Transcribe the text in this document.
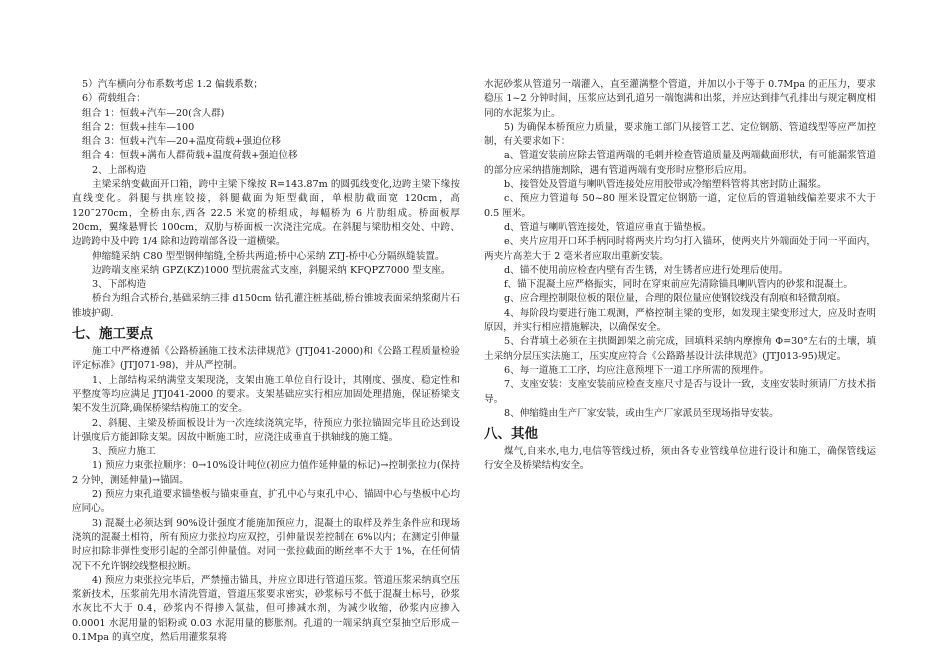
5）汽车横向分布系数考虑 1.2 偏载系数；
6）荷载组合：
组合 1：恒载+汽车—20(含人群)
组合 2：恒载+挂车—100
组合 3：恒载+汽车—20+温度荷载+强迫位移
组合 4：恒载+满布人群荷载+温度荷载+强迫位移
2、上部构造
主梁采纳变截面开口箱，跨中主梁下缘按 R=143.87m 的圆弧线变化,边跨主梁下缘按直线变化。斜腿与拱座铰接，斜腿截面为矩型截面，单根肋截面宽 120cm，高 120˜270cm，全桥由东,西各 22.5 米宽的桥组成，每幅桥为 6 片肋组成。桥面板厚 20cm，翼缘悬臂长 100cm，双肋与桥面板一次浇注完成。在斜腿与梁肋相交处、中跨、边跨跨中及中跨 1/4 除和边跨端部各设一道横梁。
伸缩缝采纳 C80 型型钢伸缩缝,全桥共两道;桥中心采纳 ZTJ-桥中心分隔纵缝装置。
边跨端支座采纳 GPZ(KZ)1000 型抗震盆式支座，斜腿采纳 KFQPZ7000 型支座。
3、下部构造
桥台为组合式桥台,基础采纳三排 d150cm 钻孔灌注桩基础,桥台锥坡表面采纳浆砌片石锥坡护砌.
七、施工要点
施工中严格遵循《公路桥涵施工技术法律规范》(JTJ041-2000)和《公路工程质量检验评定标准》(JTJ071-98)，并从严控制。
1、上部结构采纳满堂支架现浇，支架由施工单位自行设计，其刚度、强度、稳定性和平整度等均应满足 JTJ041-2000 的要求。支架基础应实行相应加固处理措施，保证桥梁支架不发生沉降,确保桥梁结构施工的安全。
2、斜腿、主梁及桥面板设计为一次连续浇筑完毕，待预应力张拉锚固完毕且砼达到设计强度后方能卸除支架。因故中断施工时，应浇注成垂直于拱轴线的施工缝。
3、预应力施工
1) 预应力束张拉顺序：0→10%设计吨位(初应力值作延伸量的标记)→控制张拉力(保持 2 分钟，测延伸量)→锚固。
2) 预应力束孔道要求锚垫板与锚束垂直，扩孔中心与束孔中心、锚固中心与垫板中心均应同心。
3) 混凝土必须达到 90%设计强度才能施加预应力，混凝土的取样及养生条件应和现场浇筑的混凝土相符，所有预应力张拉均应双控，引伸量误差控制在 6%以内；在测定引伸量时应扣除非弹性变形引起的全部引伸量值。对同一张拉截面的断丝率不大于 1%，在任何情况下不允许钢绞线整根拉断。
4) 预应力束张拉完毕后，严禁撞击锚具，并应立即进行管道压浆。管道压浆采纳真空压浆新技术，压浆前先用水清洗管道，管道压浆要求密实，砂浆标号不低于混凝土标号，砂浆水灰比不大于 0.4，砂浆内不得掺入氯盐，但可掺减水剂，为减少收缩，砂浆内应掺入 0.0001 水泥用量的铝粉或 0.03 水泥用量的膨胀剂。孔道的一端采纳真空泵抽空后形成－0.1Mpa 的真空度，然后用灌浆泵将
水泥砂浆从管道另一端灌入，直至灌满整个管道，并加以小于等于 0.7Mpa 的正压力，要求稳压 1~2 分钟时间，压浆应达到孔道另一端饱满和出浆，并应达到排气孔排出与规定稠度相同的水泥浆为止。
5) 为确保本桥预应力质量，要求施工部门从接管工艺、定位钢筋、管道线型等应严加控制，有关要求如下：
a、管道安装前应除去管道两端的毛刺并检查管道质量及两端截面形状，有可能漏浆管道的部分应采纳措施割除，遇有管道两端有变形时应整形后应用。
b、接管处及管道与喇叭管连接处应用胶带或冷缩塑料管将其密封防止漏浆。
c、预应力管道每 50~80 厘米设置定位钢筋一道，定位后的管道轴线偏差要求不大于 0.5 厘米。
d、管道与喇叭管连接处，管道应垂直于锚垫板。
e、夹片应用开口环手柄同时将两夹片均匀打入锚环，使两夹片外端面处于同一平面内，两夹片高差大于 2 毫米者应取出重新安装。
d、锚不使用前应检查内壁有否生锈，对生锈者应进行处理后使用。
f、锚下混凝土应严格振实，同时在穿束前应先清除锚具喇叭管内的砂浆和混凝土。
g、应合理控制限位板的限位量，合理的限位量应使钢铰线没有刮痕和轻微刮痕。
4、每阶段均要进行施工观测，严格控制主梁的变形，如发现主梁变形过大，应及时查明原因，并实行相应措施解决，以确保安全。
5、台背填土必须在主拱圈卸架之前完成，回填料采纳内摩擦角 Φ=30°左右的土壤，填土采纳分层压实法施工，压实度应符合《公路路基设计法律规范》(JTJ013-95)规定。
6、每一道施工工序，均应注意预埋下一道工序所需的预埋件。
7、支座安装：支座安装前应检查支座尺寸是否与设计一致，支座安装时须请厂方技术指导。
8、伸缩缝由生产厂家安装，或由生产厂家派员至现场指导安装。
八、其他
煤气,自来水,电力,电信等管线过桥，须由各专业管线单位进行设计和施工，确保管线运行安全及桥梁结构安全。
